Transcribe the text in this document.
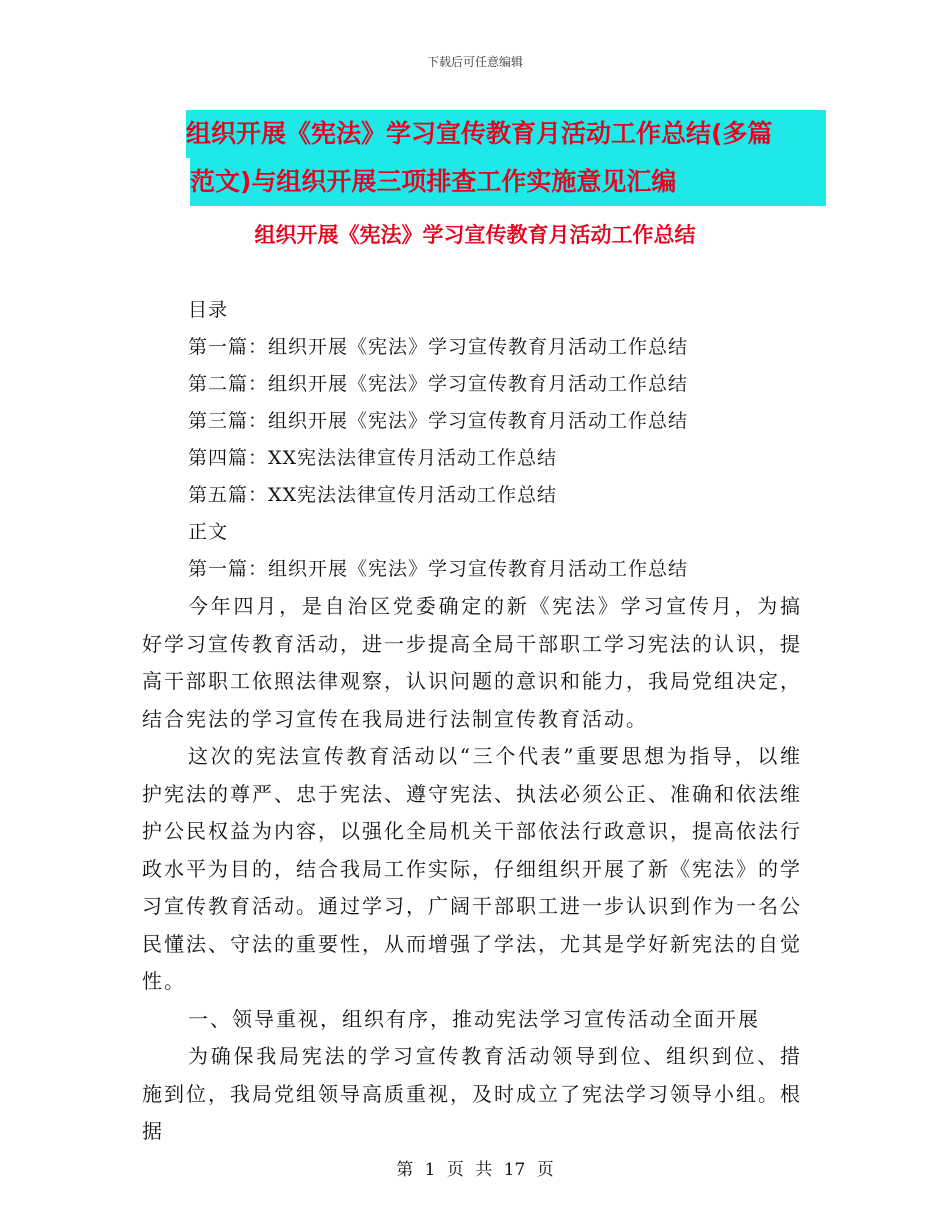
下载后可任意编辑
组织开展《宪法》学习宣传教育月活动工作总结(多篇
范文)与组织开展三项排查工作实施意见汇编
组织开展《宪法》学习宣传教育月活动工作总结
目录
第一篇：组织开展《宪法》学习宣传教育月活动工作总结
第二篇：组织开展《宪法》学习宣传教育月活动工作总结
第三篇：组织开展《宪法》学习宣传教育月活动工作总结
第四篇：XX宪法法律宣传月活动工作总结
第五篇：XX宪法法律宣传月活动工作总结
正文
第一篇：组织开展《宪法》学习宣传教育月活动工作总结

今年四月，是自治区党委确定的新《宪法》学习宣传月，为搞好学习宣传教育活动，进一步提高全局干部职工学习宪法的认识，提高干部职工依照法律观察，认识问题的意识和能力，我局党组决定，结合宪法的学习宣传在我局进行法制宣传教育活动。

这次的宪法宣传教育活动以“三个代表”重要思想为指导，以维护宪法的尊严、忠于宪法、遵守宪法、执法必须公正、准确和依法维护公民权益为内容，以强化全局机关干部依法行政意识，提高依法行政水平为目的，结合我局工作实际，仔细组织开展了新《宪法》的学习宣传教育活动。通过学习，广阔干部职工进一步认识到作为一名公民懂法、守法的重要性，从而增强了学法，尤其是学好新宪法的自觉性。

一、领导重视，组织有序，推动宪法学习宣传活动全面开展

为确保我局宪法的学习宣传教育活动领导到位、组织到位、措施到位，我局党组领导高质重视，及时成立了宪法学习领导小组。根据

第 1 页 共 17 页
